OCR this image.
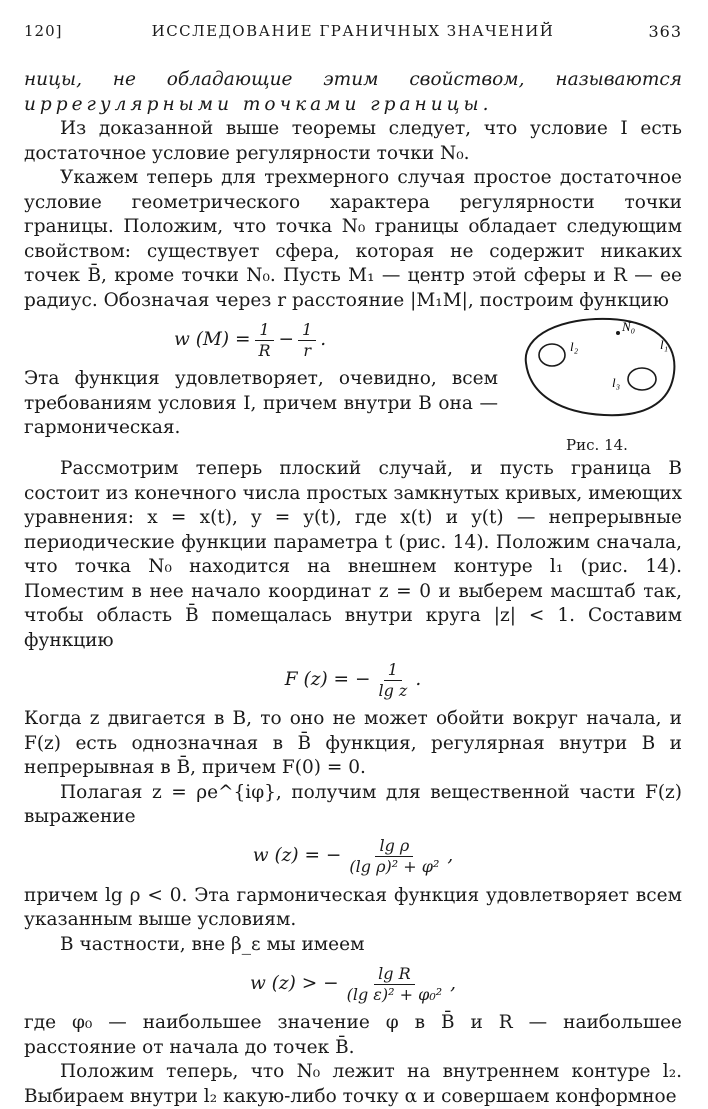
120]	ИССЛЕДОВАНИЕ ГРАНИЧНЫХ ЗНАЧЕНИЙ	363

ницы, не обладающие этим свойством, называются иррегулярными точками границы.

Из доказанной выше теоремы следует, что условие I есть достаточное условие регулярности точки N₀.

Укажем теперь для трехмерного случая простое достаточное условие геометрического характера регулярности точки границы. Положим, что точка N₀ границы обладает следующим свойством: существует сфера, которая не содержит никаких точек B̄, кроме точки N₀. Пусть M₁ — центр этой сферы и R — ее радиус. Обозначая через r расстояние |M₁M|, построим функцию

N₀
l₁
l₂
l₃
Рис. 14.
w $(M) = \frac{1}{R} - \frac{1}{r}$ .

Эта функция удовлетворяет, очевидно, всем требованиям условия I, причем внутри B она — гармоническая.

Рассмотрим теперь плоский случай, и пусть граница B состоит из конечного числа простых замкнутых кривых, имеющих уравнения: x = x(t), y = y(t), где x(t) и y(t) — непрерывные периодические функции параметра t (рис. 14). Положим сначала, что точка N₀ находится на внешнем контуре l₁ (рис. 14). Поместим в нее начало координат z = 0 и выберем масштаб так, чтобы область B̄ помещалась внутри круга |z| < 1. Составим функцию

F (z) = − $\frac{1}{\text{lg z}}$ .

Когда z двигается в B, то оно не может обойти вокруг начала, и F(z) есть однозначная в B̄ функция, регулярная внутри B и непрерывная в B̄, причем F(0) = 0.

Полагая z = ρe^{iφ}, получим для вещественной части F(z) выражение

w (z) = − $\frac{\text{lg ρ}}{\text{(lg ρ)² + φ²}}$ ,

причем lg ρ < 0. Эта гармоническая функция удовлетворяет всем указанным выше условиям.

В частности, вне β_ε мы имеем

w (z) > − $\frac{\text{lg R}}{\text{(lg ε)² + φ₀²}}$ ,

где φ₀ — наибольшее значение φ в B̄ и R — наибольшее расстояние от начала до точек B̄.

Положим теперь, что N₀ лежит на внутреннем контуре l₂. Выбираем внутри l₂ какую-либо точку α и совершаем конформное
